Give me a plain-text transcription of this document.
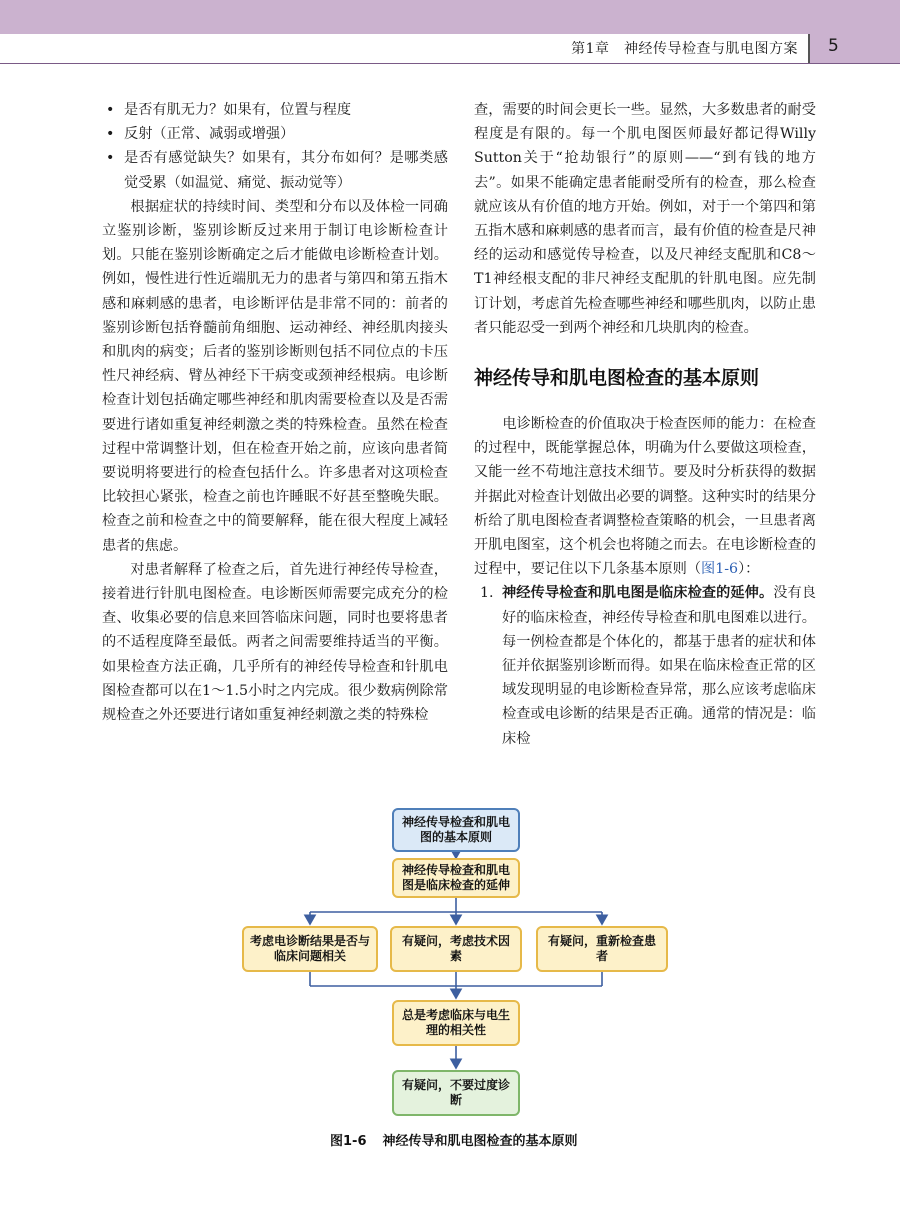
第1章　神经传导检查与肌电图方案 5
• 是否有肌无力？如果有，位置与程度
• 反射（正常、减弱或增强）
• 是否有感觉缺失？如果有，其分布如何？是哪类感觉受累（如温觉、痛觉、振动觉等）

根据症状的持续时间、类型和分布以及体检一同确立鉴别诊断，鉴别诊断反过来用于制订电诊断检查计划。只能在鉴别诊断确定之后才能做电诊断检查计划。例如，慢性进行性近端肌无力的患者与第四和第五指木感和麻刺感的患者，电诊断评估是非常不同的：前者的鉴别诊断包括脊髓前角细胞、运动神经、神经肌肉接头和肌肉的病变；后者的鉴别诊断则包括不同位点的卡压性尺神经病、臂丛神经下干病变或颈神经根病。电诊断检查计划包括确定哪些神经和肌肉需要检查以及是否需要进行诸如重复神经刺激之类的特殊检查。虽然在检查过程中常调整计划，但在检查开始之前，应该向患者简要说明将要进行的检查包括什么。许多患者对这项检查比较担心紧张，检查之前也许睡眠不好甚至整晚失眠。检查之前和检查之中的简要解释，能在很大程度上减轻患者的焦虑。

对患者解释了检查之后，首先进行神经传导检查，接着进行针肌电图检查。电诊断医师需要完成充分的检查、收集必要的信息来回答临床问题，同时也要将患者的不适程度降至最低。两者之间需要维持适当的平衡。如果检查方法正确，几乎所有的神经传导检查和针肌电图检查都可以在1～1.5小时之内完成。很少数病例除常规检查之外还要进行诸如重复神经刺激之类的特殊检

查，需要的时间会更长一些。显然，大多数患者的耐受程度是有限的。每一个肌电图医师最好都记得Willy Sutton关于“抢劫银行”的原则——“到有钱的地方去”。如果不能确定患者能耐受所有的检查，那么检查就应该从有价值的地方开始。例如，对于一个第四和第五指木感和麻刺感的患者而言，最有价值的检查是尺神经的运动和感觉传导检查，以及尺神经支配肌和C8～T1神经根支配的非尺神经支配肌的针肌电图。应先制订计划，考虑首先检查哪些神经和哪些肌肉，以防止患者只能忍受一到两个神经和几块肌肉的检查。

神经传导和肌电图检查的基本原则

电诊断检查的价值取决于检查医师的能力：在检查的过程中，既能掌握总体，明确为什么要做这项检查，又能一丝不苟地注意技术细节。要及时分析获得的数据并据此对检查计划做出必要的调整。这种实时的结果分析给了肌电图检查者调整检查策略的机会，一旦患者离开肌电图室，这个机会也将随之而去。在电诊断检查的过程中，要记住以下几条基本原则（图1-6）：

1. 神经传导检查和肌电图是临床检查的延伸。没有良好的临床检查，神经传导检查和肌电图难以进行。每一例检查都是个体化的，都基于患者的症状和体征并依据鉴别诊断而得。如果在临床检查正常的区域发现明显的电诊断检查异常，那么应该考虑临床检查或电诊断的结果是否正确。通常的情况是：临床检
神经传导检查和肌电图的基本原则
神经传导检查和肌电图是临床检查的延伸
考虑电诊断结果是否与临床问题相关
有疑问，考虑技术因素
有疑问，重新检查患者
总是考虑临床与电生理的相关性
有疑问，不要过度诊断
图1-6 神经传导和肌电图检查的基本原则
